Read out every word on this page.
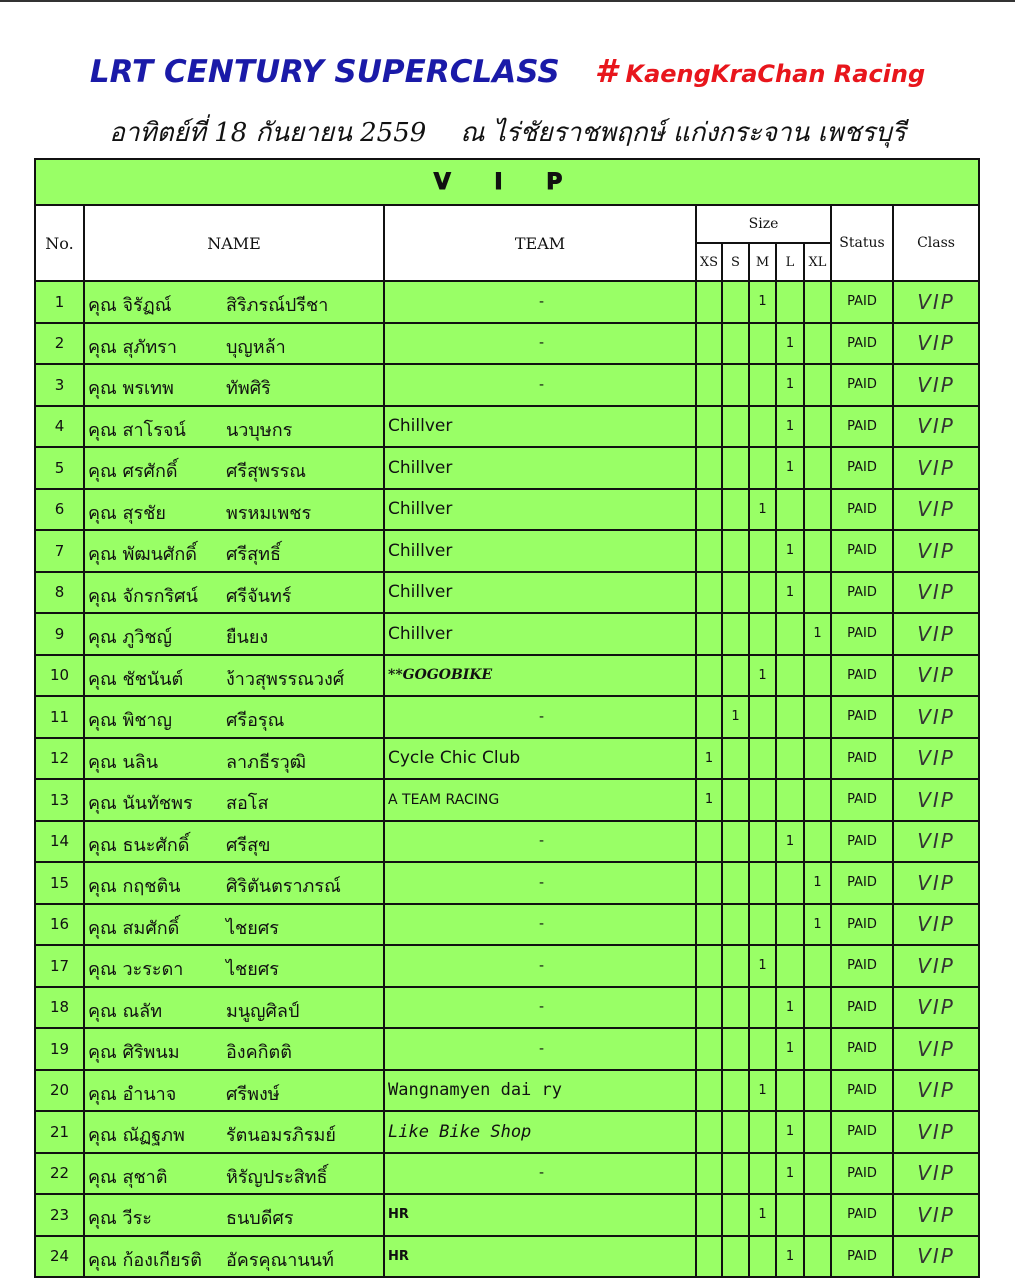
LRT CENTURY SUPERCLASS # KaengKraChan Racing
อาทิตย์ที่ 18 กันยายน 2559 ณ ไร่ชัยราชพฤกษ์ แก่งกระจาน เพชรบุรี
V I P									
No.	NAME	TEAM	Size					Status	Class
			XS	S	M	L	XL		
1	คุณ จิรัฏณ์ สิริภรณ์ปรีชา	-			1			PAID	VIP
2	คุณ สุภัทรา บุญหล้า	-				1		PAID	VIP
3	คุณ พรเทพ ทัพศิริ	-				1		PAID	VIP
4	คุณ สาโรจน์ นวบุษกร	Chillver				1		PAID	VIP
5	คุณ ศรศักดิ์ ศรีสุพรรณ	Chillver				1		PAID	VIP
6	คุณ สุรชัย พรหมเพชร	Chillver			1			PAID	VIP
7	คุณ พัฒนศักดิ์ ศรีสุทธิ์	Chillver				1		PAID	VIP
8	คุณ จักรกริศน์ ศรีจันทร์	Chillver				1		PAID	VIP
9	คุณ ภูวิชญ์ ยืนยง	Chillver					1	PAID	VIP
10	คุณ ชัชนันต์ ง้าวสุพรรณวงศ์	**GOGOBIKE			1			PAID	VIP
11	คุณ พิชาญ ศรีอรุณ	-		1				PAID	VIP
12	คุณ นลิน ลาภธีรวุฒิ	Cycle Chic Club	1					PAID	VIP
13	คุณ นันทัชพร สอโส	A TEAM RACING	1					PAID	VIP
14	คุณ ธนะศักดิ์ ศรีสุข	-				1		PAID	VIP
15	คุณ กฤชติน ศิริตันตราภรณ์	-					1	PAID	VIP
16	คุณ สมศักดิ์ ไชยศร	-					1	PAID	VIP
17	คุณ วะระดา ไชยศร	-			1			PAID	VIP
18	คุณ ณลัท มนูญศิลป์	-				1		PAID	VIP
19	คุณ ศิริพนม อิงคกิตติ	-				1		PAID	VIP
20	คุณ อำนาจ ศรีพงษ์	Wangnamyen dai ry			1			PAID	VIP
21	คุณ ณัฏฐภพ รัตนอมรภิรมย์	Like Bike Shop				1		PAID	VIP
22	คุณ สุชาติ หิรัญประสิทธิ์	-				1		PAID	VIP
23	คุณ วีระ ธนบดีศร	HR			1			PAID	VIP
24	คุณ ก้องเกียรติ อัครคุณานนท์	HR				1		PAID	VIP
